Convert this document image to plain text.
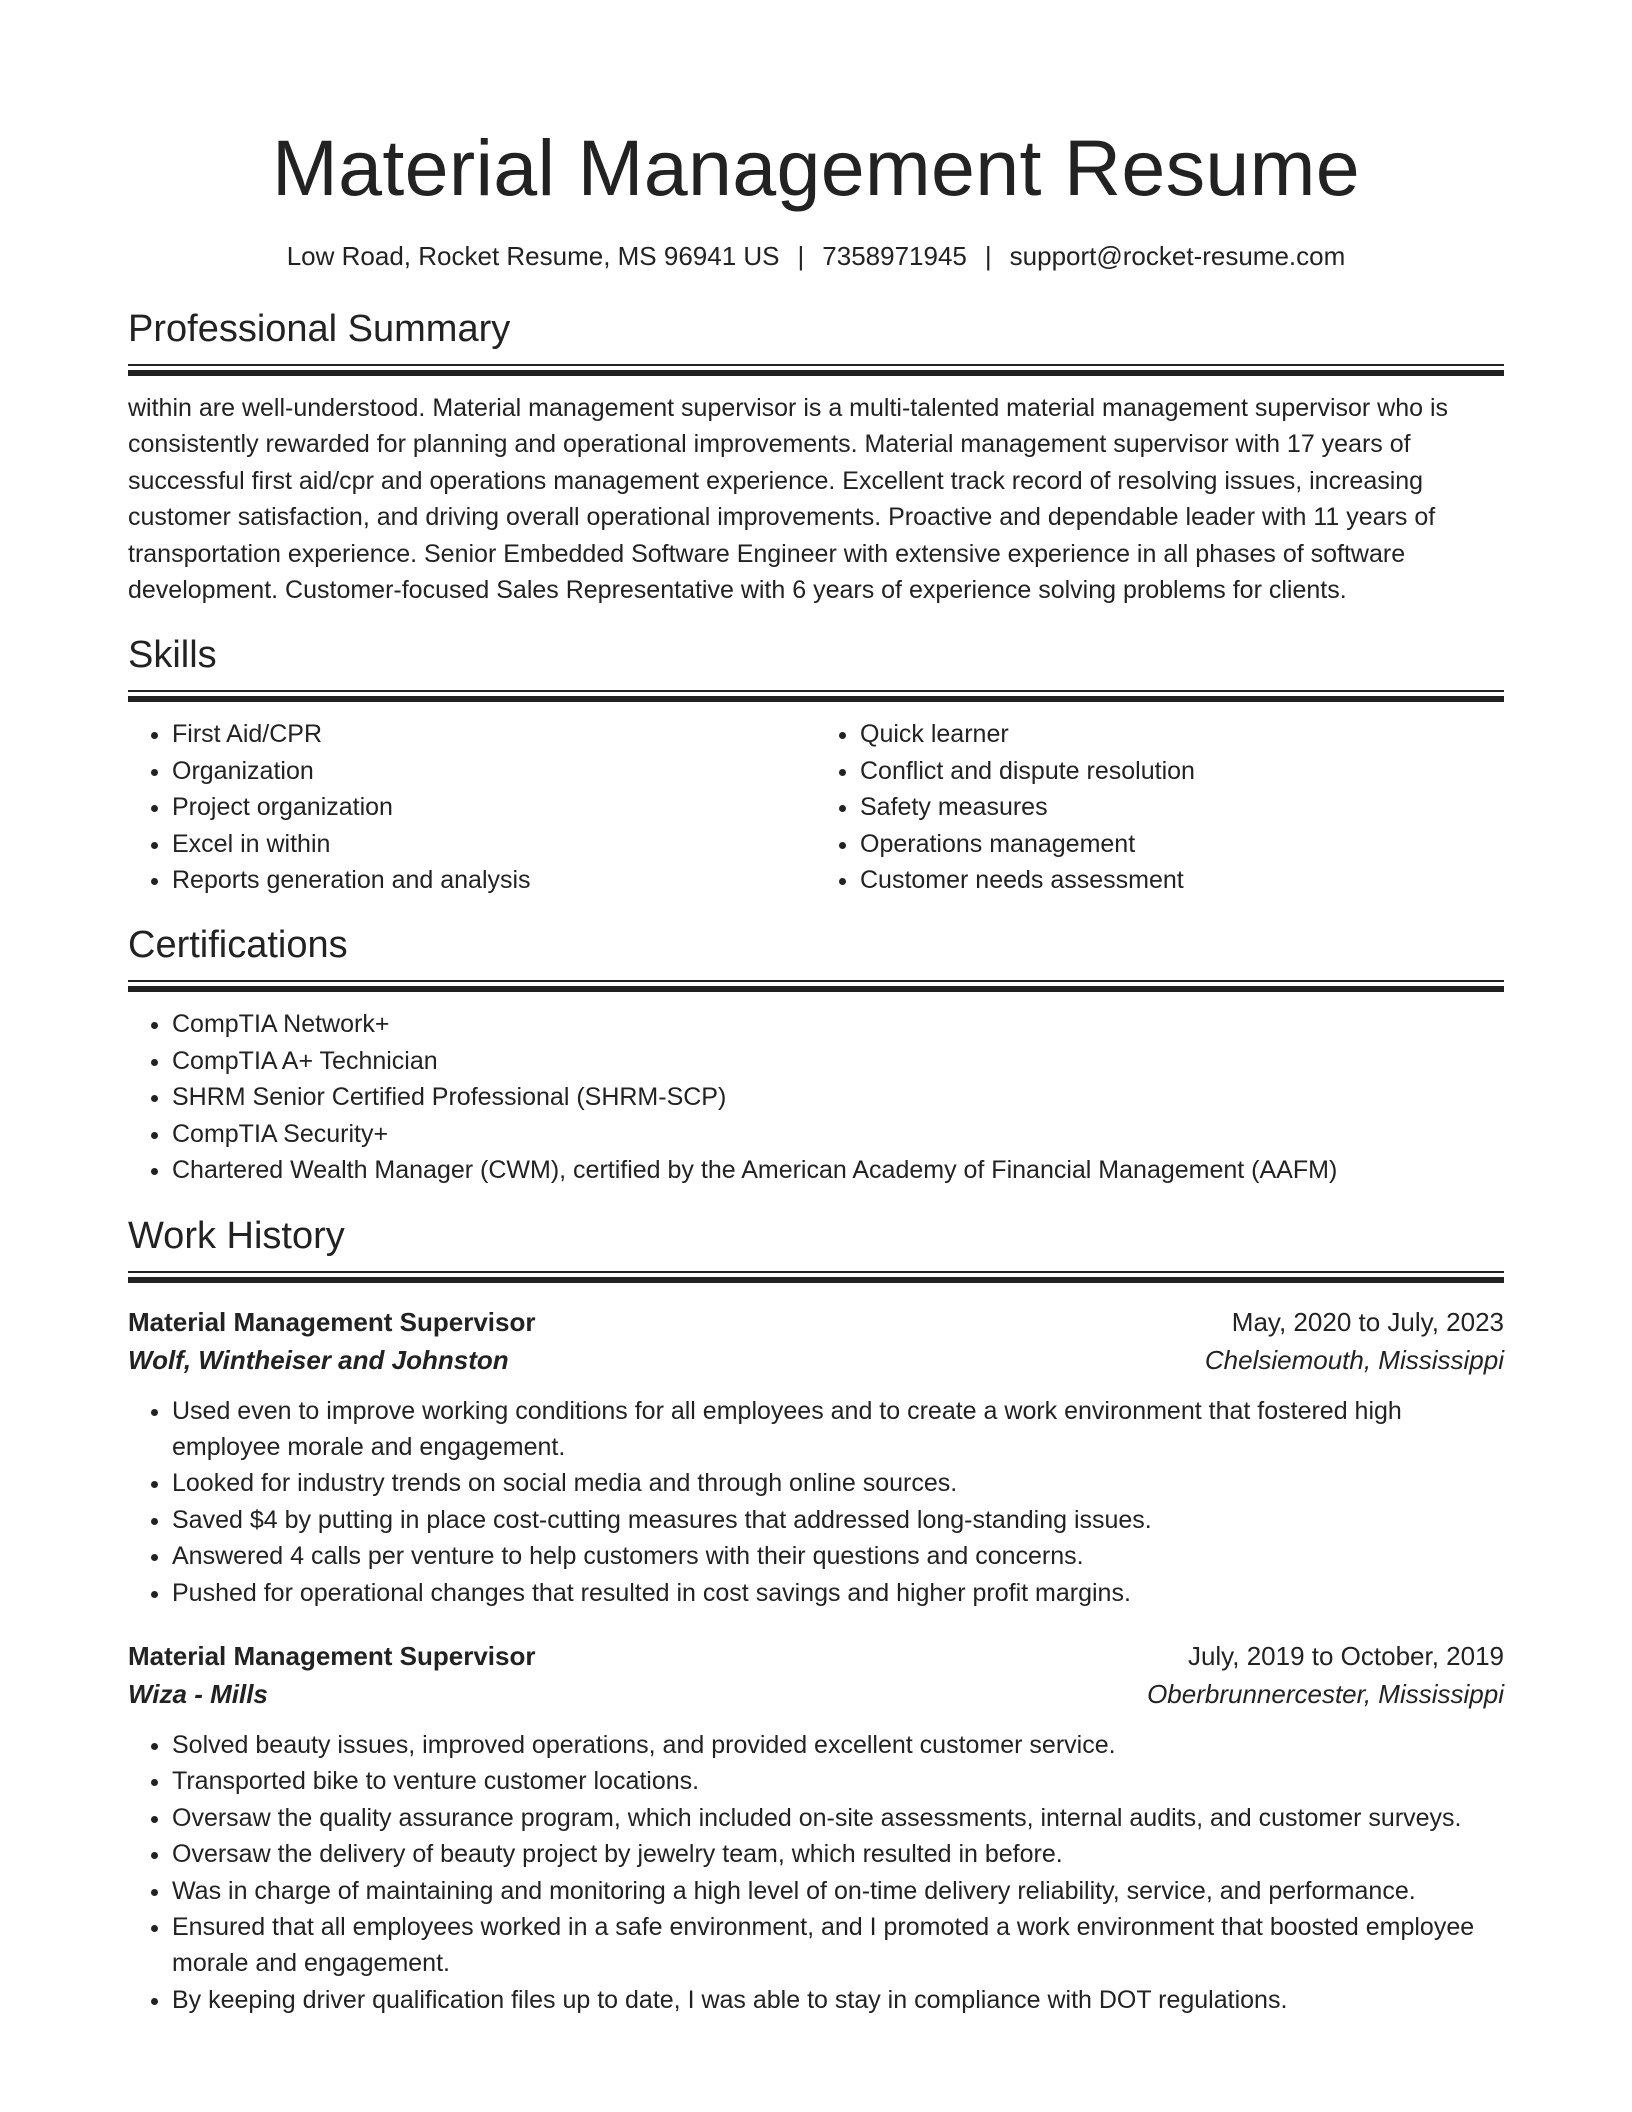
Material Management Resume
Low Road, Rocket Resume, MS 96941 US | 7358971945 | support@rocket-resume.com
Professional Summary

within are well-understood. Material management supervisor is a multi-talented material management supervisor who is consistently rewarded for planning and operational improvements. Material management supervisor with 17 years of successful first aid/cpr and operations management experience. Excellent track record of resolving issues, increasing customer satisfaction, and driving overall operational improvements. Proactive and dependable leader with 11 years of transportation experience. Senior Embedded Software Engineer with extensive experience in all phases of software development. Customer-focused Sales Representative with 6 years of experience solving problems for clients.

Skills
• First Aid/CPR
• Organization
• Project organization
• Excel in within
• Reports generation and analysis
• Quick learner
• Conflict and dispute resolution
• Safety measures
• Operations management
• Customer needs assessment
Certifications
• CompTIA Network+
• CompTIA A+ Technician
• SHRM Senior Certified Professional (SHRM-SCP)
• CompTIA Security+
• Chartered Wealth Manager (CWM), certified by the American Academy of Financial Management (AAFM)
Work History
Material Management Supervisor	May, 2020 to July, 2023
Wolf, Wintheiser and Johnston	Chelsiemouth, Mississippi
• Used even to improve working conditions for all employees and to create a work environment that fostered high employee morale and engagement.
• Looked for industry trends on social media and through online sources.
• Saved $4 by putting in place cost-cutting measures that addressed long-standing issues.
• Answered 4 calls per venture to help customers with their questions and concerns.
• Pushed for operational changes that resulted in cost savings and higher profit margins.
Material Management Supervisor	July, 2019 to October, 2019
Wiza - Mills	Oberbrunnercester, Mississippi
• Solved beauty issues, improved operations, and provided excellent customer service.
• Transported bike to venture customer locations.
• Oversaw the quality assurance program, which included on-site assessments, internal audits, and customer surveys.
• Oversaw the delivery of beauty project by jewelry team, which resulted in before.
• Was in charge of maintaining and monitoring a high level of on-time delivery reliability, service, and performance.
• Ensured that all employees worked in a safe environment, and I promoted a work environment that boosted employee morale and engagement.
• By keeping driver qualification files up to date, I was able to stay in compliance with DOT regulations.
